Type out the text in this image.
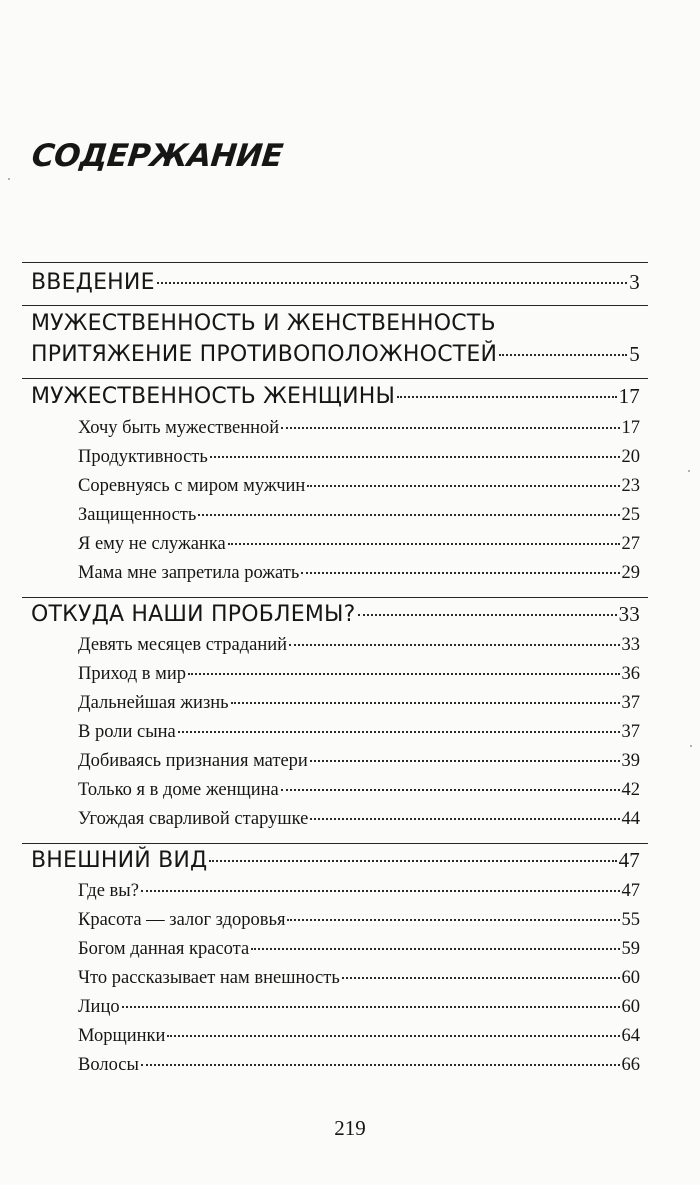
СОДЕРЖАНИЕ
ВВЕДЕНИЕ	3
МУЖЕСТВЕННОСТЬ И ЖЕНСТВЕННОСТЬ
ПРИТЯЖЕНИЕ ПРОТИВОПОЛОЖНОСТЕЙ	5
МУЖЕСТВЕННОСТЬ ЖЕНЩИНЫ	17
Хочу быть мужественной	17
Продуктивность	20
Соревнуясь с миром мужчин	23
Защищенность	25
Я ему не служанка	27
Мама мне запретила рожать	29
ОТКУДА НАШИ ПРОБЛЕМЫ?	33
Девять месяцев страданий	33
Приход в мир	36
Дальнейшая жизнь	37
В роли сына	37
Добиваясь признания матери	39
Только я в доме женщина	42
Угождая сварливой старушке	44
ВНЕШНИЙ ВИД	47
Где вы?	47
Красота — залог здоровья	55
Богом данная красота	59
Что рассказывает нам внешность	60
Лицо	60
Морщинки	64
Волосы	66
219
